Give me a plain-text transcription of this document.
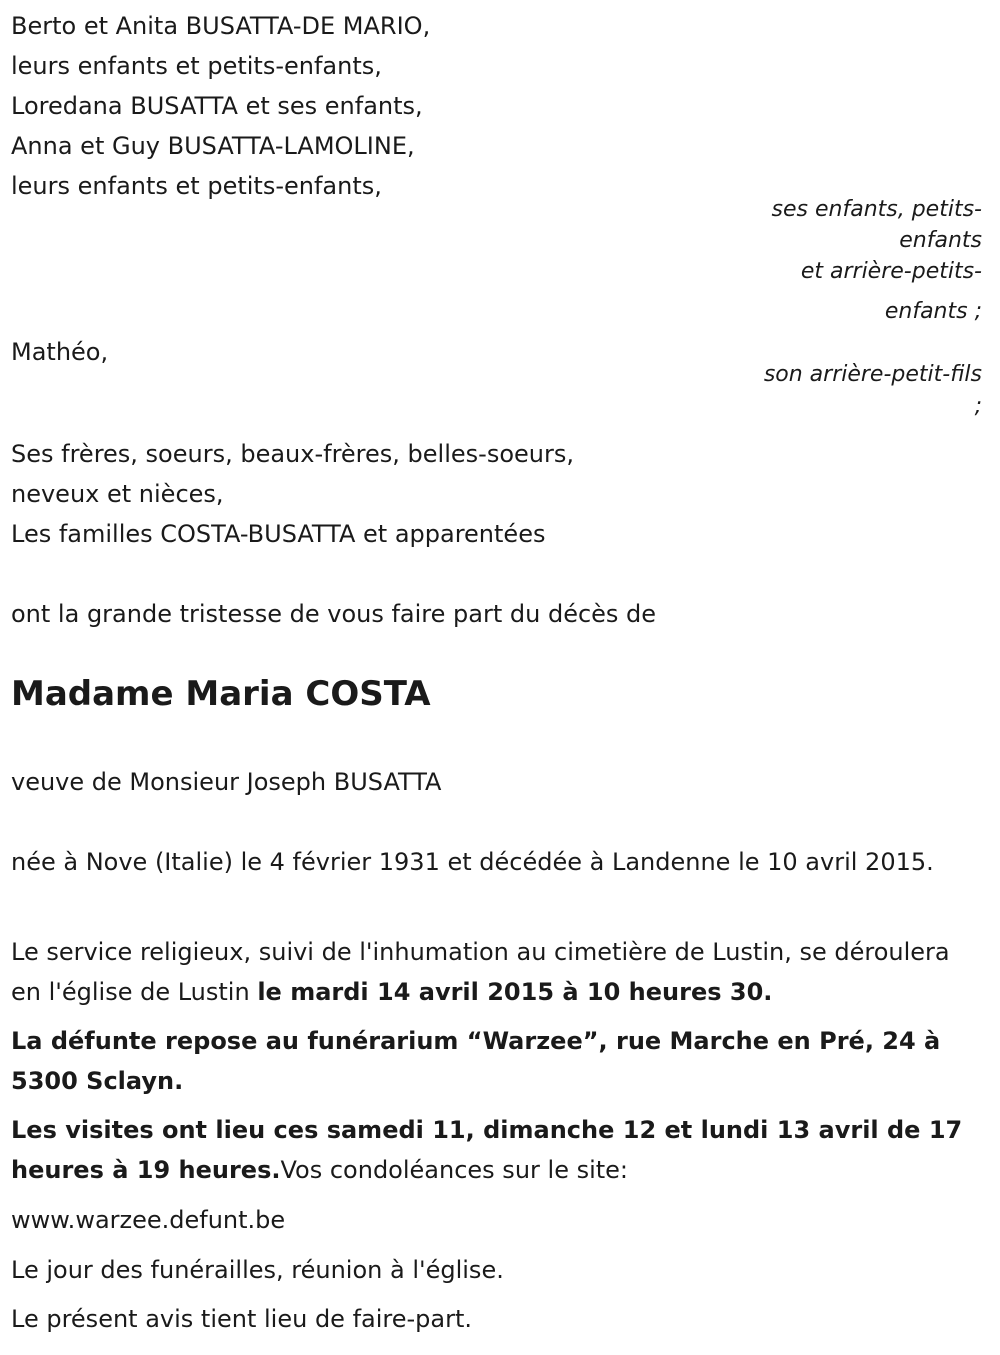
Berto et Anita BUSATTA-DE MARIO,
leurs enfants et petits-enfants,
Loredana BUSATTA et ses enfants,
Anna et Guy BUSATTA-LAMOLINE,
leurs enfants et petits-enfants,
ses enfants, petits-
enfants
et arrière-petits-
enfants ;
Mathéo,
son arrière-petit-fils
;
Ses frères, soeurs, beaux-frères, belles-soeurs,
neveux et nièces,
Les familles COSTA-BUSATTA et apparentées
ont la grande tristesse de vous faire part du décès de
Madame Maria COSTA
veuve de Monsieur Joseph BUSATTA
née à Nove (Italie) le 4 février 1931 et décédée à Landenne le 10 avril 2015.
Le service religieux, suivi de l'inhumation au cimetière de Lustin, se déroulera en l'église de Lustin le mardi 14 avril 2015 à 10 heures 30.
La défunte repose au funérarium “Warzee”, rue Marche en Pré, 24 à 5300 Sclayn.
Les visites ont lieu ces samedi 11, dimanche 12 et lundi 13 avril de 17 heures à 19 heures.Vos condoléances sur le site:
www.warzee.defunt.be
Le jour des funérailles, réunion à l'église.
Le présent avis tient lieu de faire-part.
